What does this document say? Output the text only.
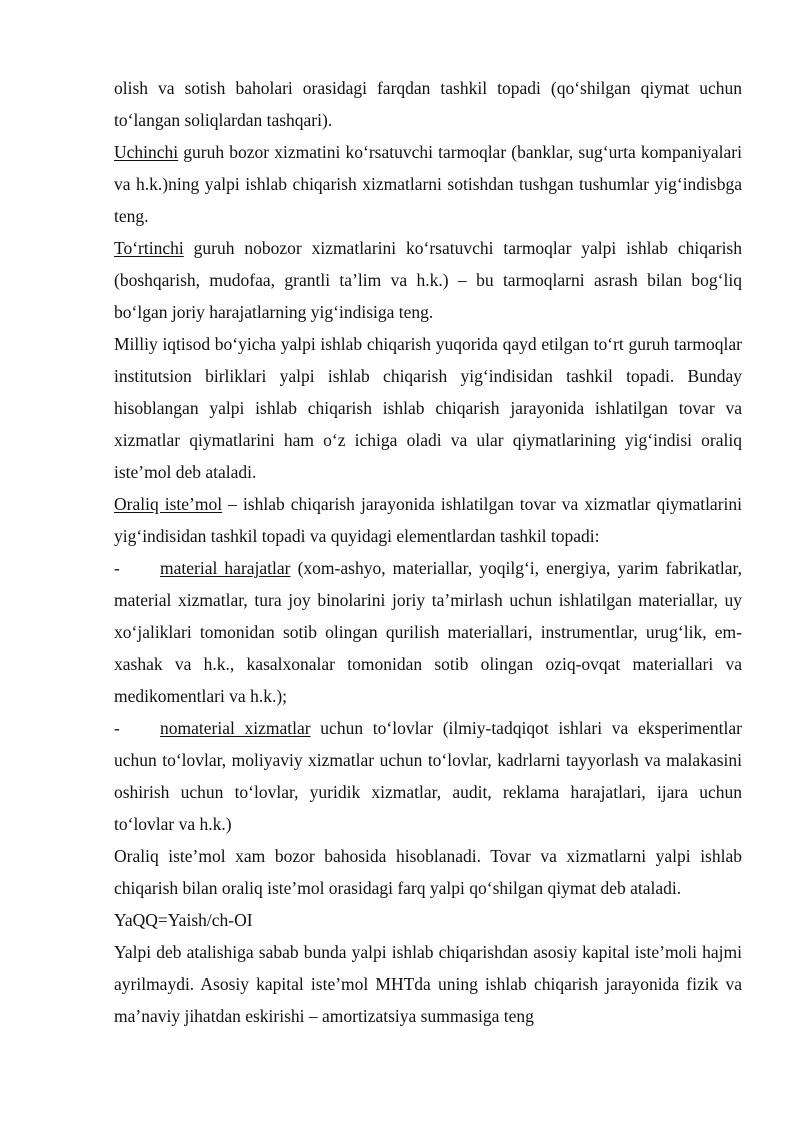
olish va sotish baholari orasidagi farqdan tashkil topadi (qo‘shilgan qiymat uchun to‘langan soliqlardan tashqari).

Uchinchi guruh bozor xizmatini ko‘rsatuvchi tarmoqlar (banklar, sug‘urta kompaniyalari va h.k.)ning yalpi ishlab chiqarish xizmatlarni sotishdan tushgan tushumlar yig‘indisbga teng.

To‘rtinchi guruh nobozor xizmatlarini ko‘rsatuvchi tarmoqlar yalpi ishlab chiqarish (boshqarish, mudofaa, grantli ta’lim va h.k.) – bu tarmoqlarni asrash bilan bog‘liq bo‘lgan joriy harajatlarning yig‘indisiga teng.

Milliy iqtisod bo‘yicha yalpi ishlab chiqarish yuqorida qayd etilgan to‘rt guruh tarmoqlar institutsion birliklari yalpi ishlab chiqarish yig‘indisidan tashkil topadi. Bunday hisoblangan yalpi ishlab chiqarish ishlab chiqarish jarayonida ishlatilgan tovar va xizmatlar qiymatlarini ham o‘z ichiga oladi va ular qiymatlarining yig‘indisi oraliq iste’mol deb ataladi.

Oraliq iste’mol – ishlab chiqarish jarayonida ishlatilgan tovar va xizmatlar qiymatlarini yig‘indisidan tashkil topadi va quyidagi elementlardan tashkil topadi:

- material harajatlar (xom-ashyo, materiallar, yoqilg‘i, energiya, yarim fabrikatlar, material xizmatlar, tura joy binolarini joriy ta’mirlash uchun ishlatilgan materiallar, uy xo‘jaliklari tomonidan sotib olingan qurilish materiallari, instrumentlar, urug‘lik, em-xashak va h.k., kasalxonalar tomonidan sotib olingan oziq-ovqat materiallari va medikomentlari va h.k.);

- nomaterial xizmatlar uchun to‘lovlar (ilmiy-tadqiqot ishlari va eksperimentlar uchun to‘lovlar, moliyaviy xizmatlar uchun to‘lovlar, kadrlarni tayyorlash va malakasini oshirish uchun to‘lovlar, yuridik xizmatlar, audit, reklama harajatlari, ijara uchun to‘lovlar va h.k.)

Oraliq iste’mol xam bozor bahosida hisoblanadi. Tovar va xizmatlarni yalpi ishlab chiqarish bilan oraliq iste’mol orasidagi farq yalpi qo‘shilgan qiymat deb ataladi.

YaQQ=Yaish/ch-OI

Yalpi deb atalishiga sabab bunda yalpi ishlab chiqarishdan asosiy kapital iste’moli hajmi ayrilmaydi. Asosiy kapital iste’mol MHTda uning ishlab chiqarish jarayonida fizik va ma’naviy jihatdan eskirishi – amortizatsiya summasiga teng
